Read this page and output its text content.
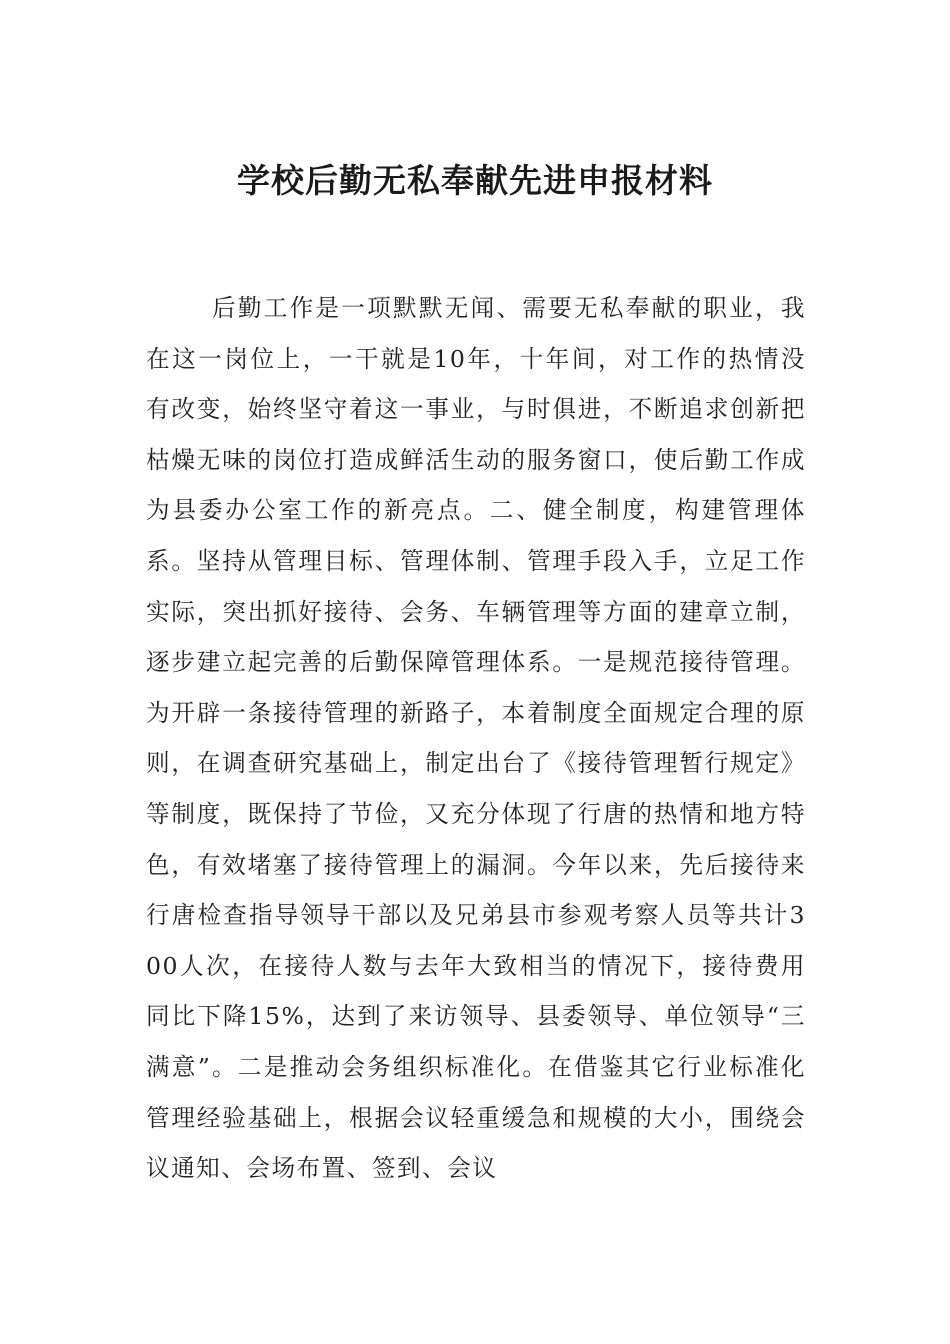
学校后勤无私奉献先进申报材料

后勤工作是一项默默无闻、需要无私奉献的职业，我在这一岗位上，一干就是10年，十年间，对工作的热情没有改变，始终坚守着这一事业，与时俱进，不断追求创新把枯燥无味的岗位打造成鲜活生动的服务窗口，使后勤工作成为县委办公室工作的新亮点。二、健全制度，构建管理体系。坚持从管理目标、管理体制、管理手段入手，立足工作实际，突出抓好接待、会务、车辆管理等方面的建章立制，逐步建立起完善的后勤保障管理体系。一是规范接待管理。为开辟一条接待管理的新路子，本着制度全面规定合理的原则，在调查研究基础上，制定出台了《接待管理暂行规定》等制度，既保持了节俭，又充分体现了行唐的热情和地方特色，有效堵塞了接待管理上的漏洞。今年以来，先后接待来行唐检查指导领导干部以及兄弟县市参观考察人员等共计300人次，在接待人数与去年大致相当的情况下，接待费用同比下降15%，达到了来访领导、县委领导、单位领导“三满意”。二是推动会务组织标准化。在借鉴其它行业标准化管理经验基础上，根据会议轻重缓急和规模的大小，围绕会议通知、会场布置、签到、会议
